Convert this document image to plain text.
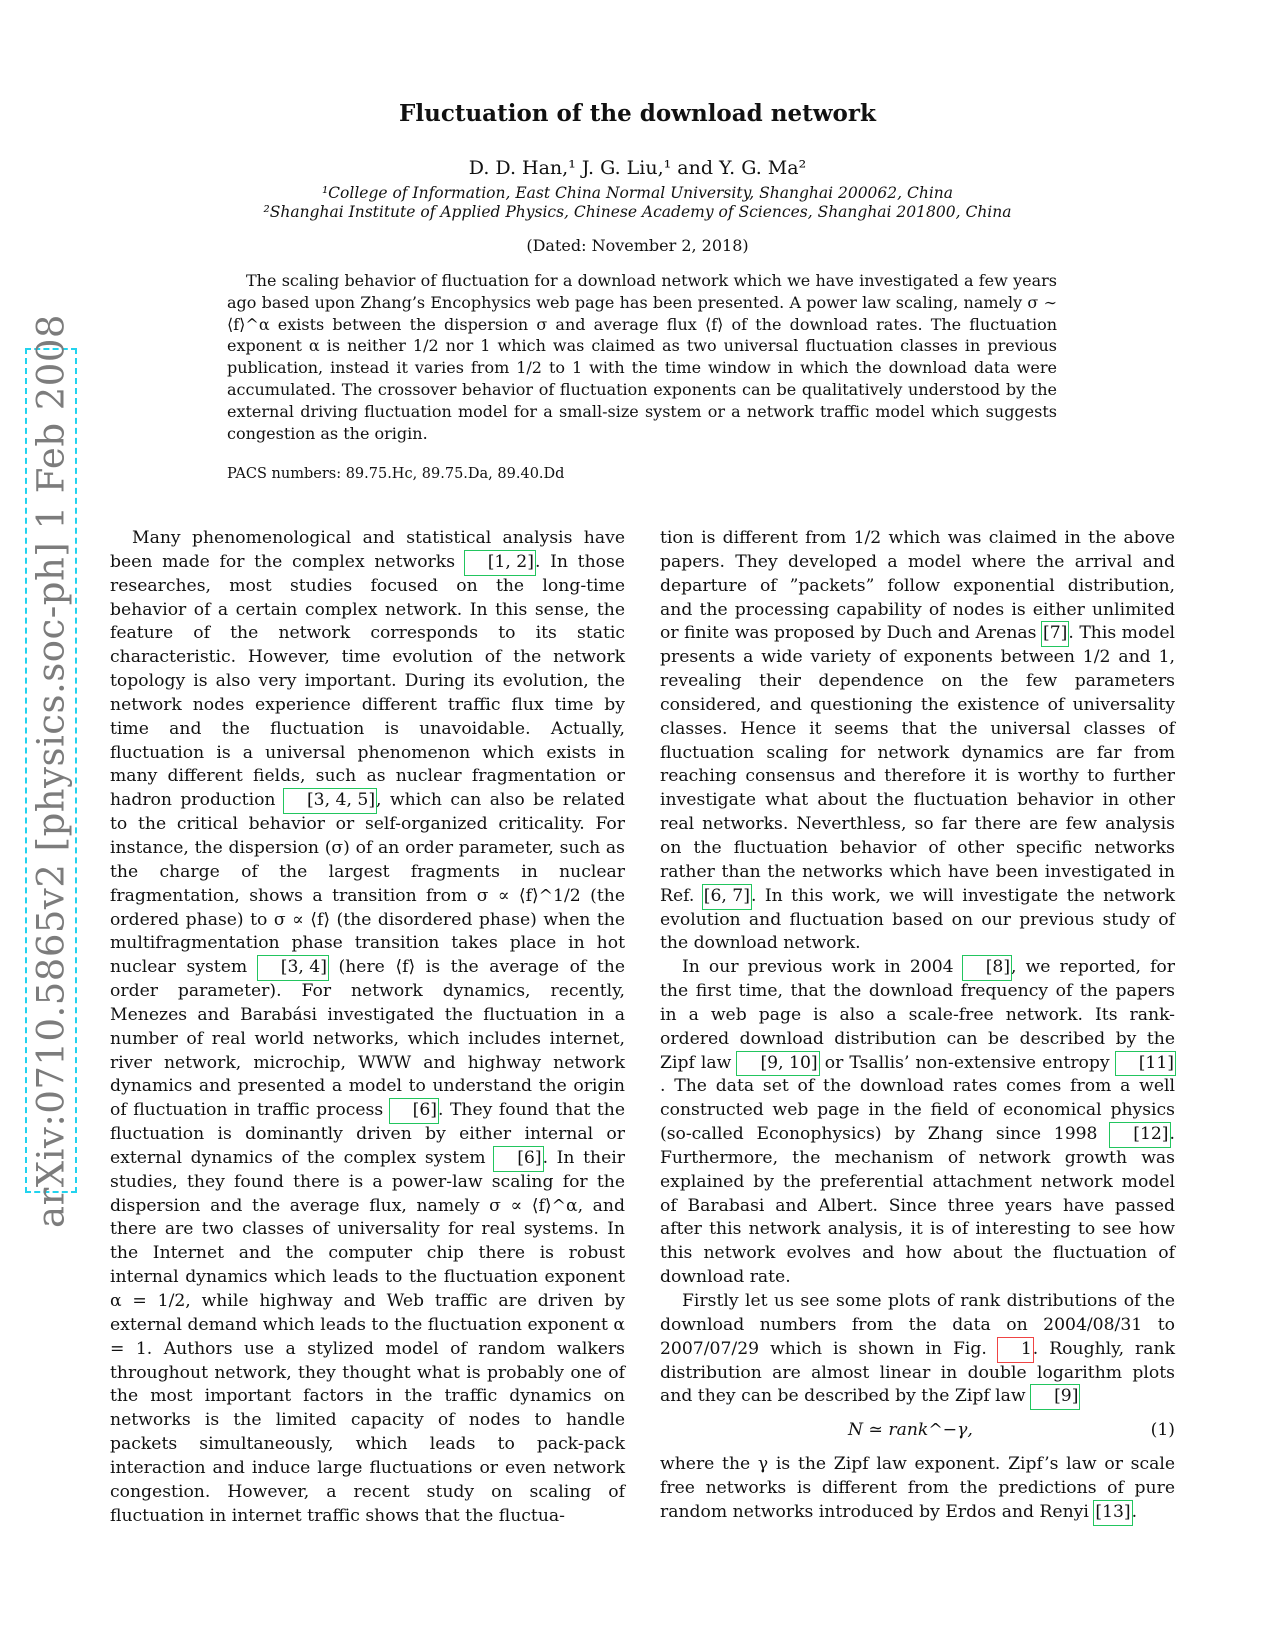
Fluctuation of the download network
D. D. Han,¹ J. G. Liu,¹ and Y. G. Ma²
¹College of Information, East China Normal University, Shanghai 200062, China
²Shanghai Institute of Applied Physics, Chinese Academy of Sciences, Shanghai 201800, China
(Dated: November 2, 2018)
The scaling behavior of fluctuation for a download network which we have investigated a few years ago based upon Zhang’s Encophysics web page has been presented. A power law scaling, namely σ ∼ ⟨f⟩^α exists between the dispersion σ and average flux ⟨f⟩ of the download rates. The fluctuation exponent α is neither 1/2 nor 1 which was claimed as two universal fluctuation classes in previous publication, instead it varies from 1/2 to 1 with the time window in which the download data were accumulated. The crossover behavior of fluctuation exponents can be qualitatively understood by the external driving fluctuation model for a small-size system or a network traffic model which suggests congestion as the origin.
PACS numbers: 89.75.Hc, 89.75.Da, 89.40.Dd
arXiv:0710.5865v2 [physics.soc-ph] 1 Feb 2008	Many phenomenological and statistical analysis have been made for the complex networks [1, 2]. In those researches, most studies focused on the long-time behavior of a certain complex network. In this sense, the feature of the network corresponds to its static characteristic. However, time evolution of the network topology is also very important. During its evolution, the network nodes experience different traffic flux time by time and the fluctuation is unavoidable. Actually, fluctuation is a universal phenomenon which exists in many different fields, such as nuclear fragmentation or hadron production [3, 4, 5], which can also be related to the critical behavior or self-organized criticality. For instance, the dispersion (σ) of an order parameter, such as the charge of the largest fragments in nuclear fragmentation, shows a transition from σ ∝ ⟨f⟩^1/2 (the ordered phase) to σ ∝ ⟨f⟩ (the disordered phase) when the multifragmentation phase transition takes place in hot nuclear system [3, 4] (here ⟨f⟩ is the average of the order parameter). For network dynamics, recently, Menezes and Barabási investigated the fluctuation in a number of real world networks, which includes internet, river network, microchip, WWW and highway network dynamics and presented a model to understand the origin of fluctuation in traffic process [6]. They found that the fluctuation is dominantly driven by either internal or external dynamics of the complex system [6]. In their studies, they found there is a power-law scaling for the dispersion and the average flux, namely σ ∝ ⟨f⟩^α, and there are two classes of universality for real systems. In the Internet and the computer chip there is robust internal dynamics which leads to the fluctuation exponent α = 1/2, while highway and Web traffic are driven by external demand which leads to the fluctuation exponent α = 1. Authors use a stylized model of random walkers throughout network, they thought what is probably one of the most important factors in the traffic dynamics on networks is the limited capacity of nodes to handle packets simultaneously, which leads to pack-pack interaction and induce large fluctuations or even network congestion. However, a recent study on scaling of fluctuation in internet traffic shows that the fluctua-

tion is different from 1/2 which was claimed in the above papers. They developed a model where the arrival and departure of ”packets” follow exponential distribution, and the processing capability of nodes is either unlimited or finite was proposed by Duch and Arenas [7]. This model presents a wide variety of exponents between 1/2 and 1, revealing their dependence on the few parameters considered, and questioning the existence of universality classes. Hence it seems that the universal classes of fluctuation scaling for network dynamics are far from reaching consensus and therefore it is worthy to further investigate what about the fluctuation behavior in other real networks. Neverthless, so far there are few analysis on the fluctuation behavior of other specific networks rather than the networks which have been investigated in Ref. [6, 7]. In this work, we will investigate the network evolution and fluctuation based on our previous study of the download network.

In our previous work in 2004 [8], we reported, for the first time, that the download frequency of the papers in a web page is also a scale-free network. Its rank-ordered download distribution can be described by the Zipf law [9, 10] or Tsallis’ non-extensive entropy [11]. The data set of the download rates comes from a well constructed web page in the field of economical physics (so-called Econophysics) by Zhang since 1998 [12]. Furthermore, the mechanism of network growth was explained by the preferential attachment network model of Barabasi and Albert. Since three years have passed after this network analysis, it is of interesting to see how this network evolves and how about the fluctuation of download rate.

Firstly let us see some plots of rank distributions of the download numbers from the data on 2004/08/31 to 2007/07/29 which is shown in Fig. 1. Roughly, rank distribution are almost linear in double logarithm plots and they can be described by the Zipf law [9]

N ≃ rank^−γ,	(1)

where the γ is the Zipf law exponent. Zipf’s law or scale free networks is different from the predictions of pure random networks introduced by Erdos and Renyi [13].
